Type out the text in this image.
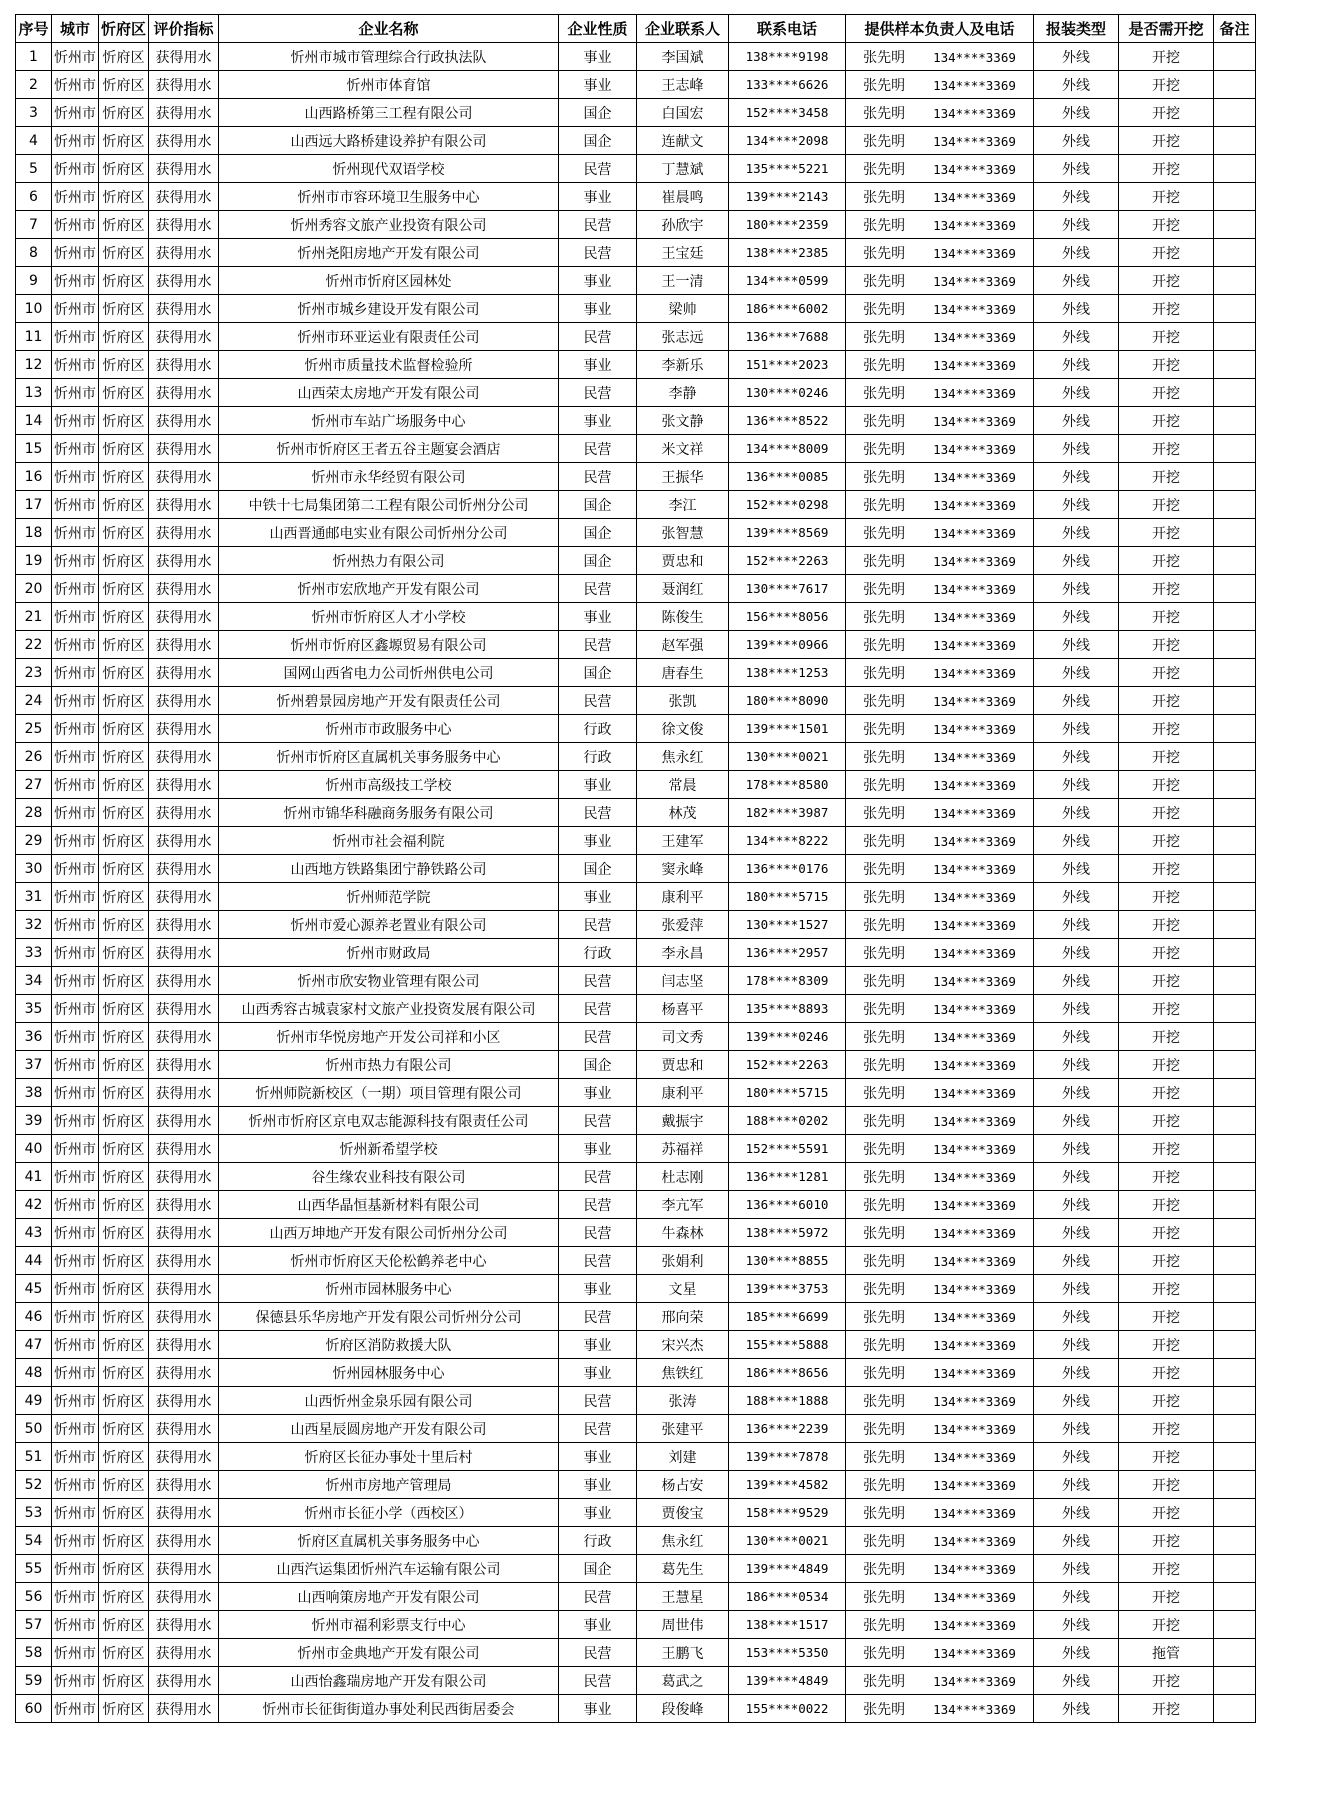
序号	城市	忻府区	评价指标	企业名称	企业性质	企业联系人	联系电话	提供样本负责人及电话	报装类型	是否需开挖	备注
1	忻州市	忻府区	获得用水	忻州市城市管理综合行政执法队	事业	李国斌	138****9198	张先明 134****3369	外线	开挖	
2	忻州市	忻府区	获得用水	忻州市体育馆	事业	王志峰	133****6626	张先明 134****3369	外线	开挖	
3	忻州市	忻府区	获得用水	山西路桥第三工程有限公司	国企	白国宏	152****3458	张先明 134****3369	外线	开挖	
4	忻州市	忻府区	获得用水	山西远大路桥建设养护有限公司	国企	连献文	134****2098	张先明 134****3369	外线	开挖	
5	忻州市	忻府区	获得用水	忻州现代双语学校	民营	丁慧斌	135****5221	张先明 134****3369	外线	开挖	
6	忻州市	忻府区	获得用水	忻州市市容环境卫生服务中心	事业	崔晨鸣	139****2143	张先明 134****3369	外线	开挖	
7	忻州市	忻府区	获得用水	忻州秀容文旅产业投资有限公司	民营	孙欣宇	180****2359	张先明 134****3369	外线	开挖	
8	忻州市	忻府区	获得用水	忻州尧阳房地产开发有限公司	民营	王宝廷	138****2385	张先明 134****3369	外线	开挖	
9	忻州市	忻府区	获得用水	忻州市忻府区园林处	事业	王一清	134****0599	张先明 134****3369	外线	开挖	
10	忻州市	忻府区	获得用水	忻州市城乡建设开发有限公司	事业	梁帅	186****6002	张先明 134****3369	外线	开挖	
11	忻州市	忻府区	获得用水	忻州市环亚运业有限责任公司	民营	张志远	136****7688	张先明 134****3369	外线	开挖	
12	忻州市	忻府区	获得用水	忻州市质量技术监督检验所	事业	李新乐	151****2023	张先明 134****3369	外线	开挖	
13	忻州市	忻府区	获得用水	山西荣太房地产开发有限公司	民营	李静	130****0246	张先明 134****3369	外线	开挖	
14	忻州市	忻府区	获得用水	忻州市车站广场服务中心	事业	张文静	136****8522	张先明 134****3369	外线	开挖	
15	忻州市	忻府区	获得用水	忻州市忻府区王者五谷主题宴会酒店	民营	米文祥	134****8009	张先明 134****3369	外线	开挖	
16	忻州市	忻府区	获得用水	忻州市永华经贸有限公司	民营	王振华	136****0085	张先明 134****3369	外线	开挖	
17	忻州市	忻府区	获得用水	中铁十七局集团第二工程有限公司忻州分公司	国企	李江	152****0298	张先明 134****3369	外线	开挖	
18	忻州市	忻府区	获得用水	山西晋通邮电实业有限公司忻州分公司	国企	张智慧	139****8569	张先明 134****3369	外线	开挖	
19	忻州市	忻府区	获得用水	忻州热力有限公司	国企	贾忠和	152****2263	张先明 134****3369	外线	开挖	
20	忻州市	忻府区	获得用水	忻州市宏欣地产开发有限公司	民营	聂润红	130****7617	张先明 134****3369	外线	开挖	
21	忻州市	忻府区	获得用水	忻州市忻府区人才小学校	事业	陈俊生	156****8056	张先明 134****3369	外线	开挖	
22	忻州市	忻府区	获得用水	忻州市忻府区鑫塬贸易有限公司	民营	赵军强	139****0966	张先明 134****3369	外线	开挖	
23	忻州市	忻府区	获得用水	国网山西省电力公司忻州供电公司	国企	唐春生	138****1253	张先明 134****3369	外线	开挖	
24	忻州市	忻府区	获得用水	忻州碧景园房地产开发有限责任公司	民营	张凯	180****8090	张先明 134****3369	外线	开挖	
25	忻州市	忻府区	获得用水	忻州市市政服务中心	行政	徐文俊	139****1501	张先明 134****3369	外线	开挖	
26	忻州市	忻府区	获得用水	忻州市忻府区直属机关事务服务中心	行政	焦永红	130****0021	张先明 134****3369	外线	开挖	
27	忻州市	忻府区	获得用水	忻州市高级技工学校	事业	常晨	178****8580	张先明 134****3369	外线	开挖	
28	忻州市	忻府区	获得用水	忻州市锦华科融商务服务有限公司	民营	林茂	182****3987	张先明 134****3369	外线	开挖	
29	忻州市	忻府区	获得用水	忻州市社会福利院	事业	王建军	134****8222	张先明 134****3369	外线	开挖	
30	忻州市	忻府区	获得用水	山西地方铁路集团宁静铁路公司	国企	窦永峰	136****0176	张先明 134****3369	外线	开挖	
31	忻州市	忻府区	获得用水	忻州师范学院	事业	康利平	180****5715	张先明 134****3369	外线	开挖	
32	忻州市	忻府区	获得用水	忻州市爱心源养老置业有限公司	民营	张爱萍	130****1527	张先明 134****3369	外线	开挖	
33	忻州市	忻府区	获得用水	忻州市财政局	行政	李永昌	136****2957	张先明 134****3369	外线	开挖	
34	忻州市	忻府区	获得用水	忻州市欣安物业管理有限公司	民营	闫志坚	178****8309	张先明 134****3369	外线	开挖	
35	忻州市	忻府区	获得用水	山西秀容古城袁家村文旅产业投资发展有限公司	民营	杨喜平	135****8893	张先明 134****3369	外线	开挖	
36	忻州市	忻府区	获得用水	忻州市华悦房地产开发公司祥和小区	民营	司文秀	139****0246	张先明 134****3369	外线	开挖	
37	忻州市	忻府区	获得用水	忻州市热力有限公司	国企	贾忠和	152****2263	张先明 134****3369	外线	开挖	
38	忻州市	忻府区	获得用水	忻州师院新校区（一期）项目管理有限公司	事业	康利平	180****5715	张先明 134****3369	外线	开挖	
39	忻州市	忻府区	获得用水	忻州市忻府区京电双志能源科技有限责任公司	民营	戴振宇	188****0202	张先明 134****3369	外线	开挖	
40	忻州市	忻府区	获得用水	忻州新希望学校	事业	苏福祥	152****5591	张先明 134****3369	外线	开挖	
41	忻州市	忻府区	获得用水	谷生缘农业科技有限公司	民营	杜志刚	136****1281	张先明 134****3369	外线	开挖	
42	忻州市	忻府区	获得用水	山西华晶恒基新材料有限公司	民营	李亢军	136****6010	张先明 134****3369	外线	开挖	
43	忻州市	忻府区	获得用水	山西万坤地产开发有限公司忻州分公司	民营	牛森林	138****5972	张先明 134****3369	外线	开挖	
44	忻州市	忻府区	获得用水	忻州市忻府区天伦松鹤养老中心	民营	张娟利	130****8855	张先明 134****3369	外线	开挖	
45	忻州市	忻府区	获得用水	忻州市园林服务中心	事业	文星	139****3753	张先明 134****3369	外线	开挖	
46	忻州市	忻府区	获得用水	保德县乐华房地产开发有限公司忻州分公司	民营	邢向荣	185****6699	张先明 134****3369	外线	开挖	
47	忻州市	忻府区	获得用水	忻府区消防救援大队	事业	宋兴杰	155****5888	张先明 134****3369	外线	开挖	
48	忻州市	忻府区	获得用水	忻州园林服务中心	事业	焦铁红	186****8656	张先明 134****3369	外线	开挖	
49	忻州市	忻府区	获得用水	山西忻州金泉乐园有限公司	民营	张涛	188****1888	张先明 134****3369	外线	开挖	
50	忻州市	忻府区	获得用水	山西星辰圆房地产开发有限公司	民营	张建平	136****2239	张先明 134****3369	外线	开挖	
51	忻州市	忻府区	获得用水	忻府区长征办事处十里后村	事业	刘建	139****7878	张先明 134****3369	外线	开挖	
52	忻州市	忻府区	获得用水	忻州市房地产管理局	事业	杨占安	139****4582	张先明 134****3369	外线	开挖	
53	忻州市	忻府区	获得用水	忻州市长征小学（西校区）	事业	贾俊宝	158****9529	张先明 134****3369	外线	开挖	
54	忻州市	忻府区	获得用水	忻府区直属机关事务服务中心	行政	焦永红	130****0021	张先明 134****3369	外线	开挖	
55	忻州市	忻府区	获得用水	山西汽运集团忻州汽车运输有限公司	国企	葛先生	139****4849	张先明 134****3369	外线	开挖	
56	忻州市	忻府区	获得用水	山西响策房地产开发有限公司	民营	王慧星	186****0534	张先明 134****3369	外线	开挖	
57	忻州市	忻府区	获得用水	忻州市福利彩票支行中心	事业	周世伟	138****1517	张先明 134****3369	外线	开挖	
58	忻州市	忻府区	获得用水	忻州市金典地产开发有限公司	民营	王鹏飞	153****5350	张先明 134****3369	外线	拖管	
59	忻州市	忻府区	获得用水	山西怡鑫瑞房地产开发有限公司	民营	葛武之	139****4849	张先明 134****3369	外线	开挖	
60	忻州市	忻府区	获得用水	忻州市长征街街道办事处利民西街居委会	事业	段俊峰	155****0022	张先明 134****3369	外线	开挖	
